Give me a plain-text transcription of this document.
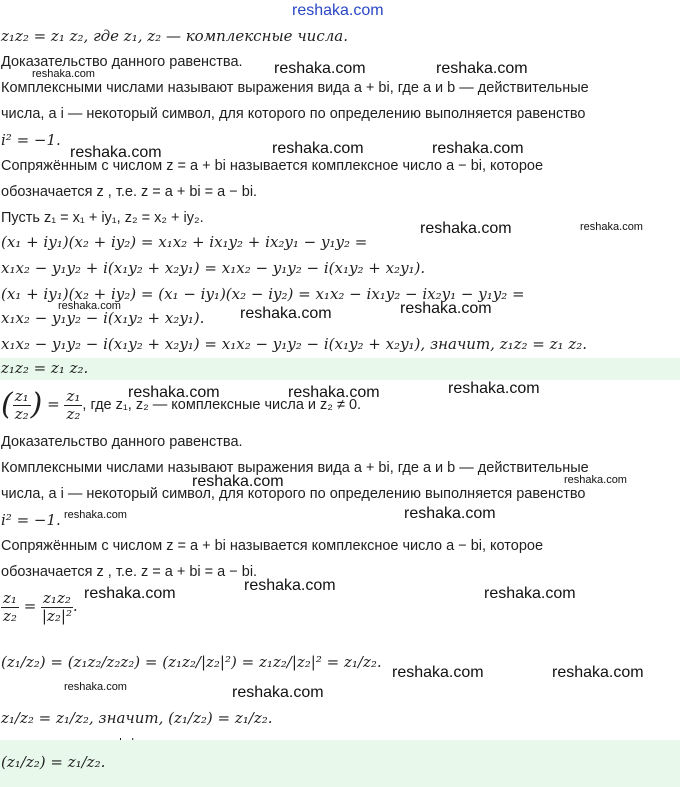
reshaka.com
reshaka.com	reshaka.com	reshaka.com
reshaka.com	reshaka.com
reshaka.com
reshaka.com	reshaka.com
reshaka.com	reshaka.com	reshaka.com
reshaka.com	reshaka.com	reshaka.com
reshaka.com	reshaka.com
reshaka.com	reshaka.com
reshaka.com
reshaka.com	reshaka.com
reshaka.com	reshaka.com
reshaka.com	reshaka.com

z₁z₂ = z₁ z₂, где z₁, z₂ — комплексные числа.

Доказательство данного равенства.

Комплексными числами называют выражения вида a + bi, где a и b — действительные

числа, а i — некоторый символ, для которого по определению выполняется равенство

i² = −1.

Сопряжённым с числом z = a + bi называется комплексное число a − bi, которое

обозначается z , т.е. z = a + bi = a − bi.

Пусть z₁ = x₁ + iy₁, z₂ = x₂ + iy₂.

(x₁ + iy₁)(x₂ + iy₂) = x₁x₂ + ix₁y₂ + ix₂y₁ − y₁y₂ =

x₁x₂ − y₁y₂ + i(x₁y₂ + x₂y₁) = x₁x₂ − y₁y₂ − i(x₁y₂ + x₂y₁).

(x₁ + iy₁)(x₂ + iy₂) = (x₁ − iy₁)(x₂ − iy₂) = x₁x₂ − ix₁y₂ − ix₂y₁ − y₁y₂ =

x₁x₂ − y₁y₂ − i(x₁y₂ + x₂y₁).

x₁x₂ − y₁y₂ − i(x₁y₂ + x₂y₁) = x₁x₂ − y₁y₂ − i(x₁y₂ + x₂y₁), значит, z₁z₂ = z₁ z₂.

z₁z₂ = z₁ z₂.

( $\frac{\text{z₁}}{\text{z₂}}$ ) = $\frac{\text{z₁}}{\text{z₂}}$ , где z₁, z₂ — комплексные числа и z₂ ≠ 0.

Доказательство данного равенства.

Комплексными числами называют выражения вида a + bi, где a и b — действительные

числа, а i — некоторый символ, для которого по определению выполняется равенство

i² = −1.

Сопряжённым с числом z = a + bi называется комплексное число a − bi, которое

обозначается z , т.е. z = a + bi = a − bi.

$\frac{\text{z₁}}{\text{z₂}} = \frac{\text{z₁z₂}}{\text{|z₂|²}}$ .

(z₁/z₂) = (z₁z₂/z₂z₂) = (z₁z₂/|z₂|²) = z₁z₂/|z₂|² = z₁/z₂.

z₁/z₂ = z₁/z₂, значит, (z₁/z₂) = z₁/z₂.

(z₁/z₂) = z₁/z₂.
